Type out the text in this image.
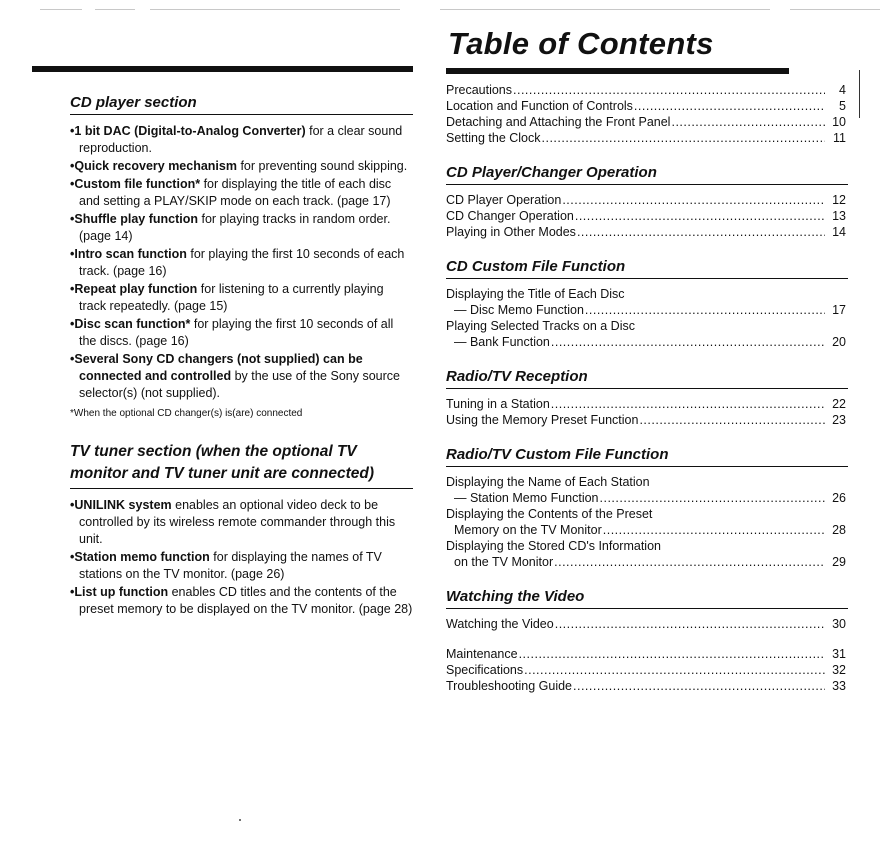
CD player section
•1 bit DAC (Digital-to-Analog Converter) for a clear sound reproduction.
•Quick recovery mechanism for preventing sound skipping.
•Custom file function* for displaying the title of each disc and setting a PLAY/SKIP mode on each track. (page 17)
•Shuffle play function for playing tracks in random order. (page 14)
•Intro scan function for playing the first 10 seconds of each track. (page 16)
•Repeat play function for listening to a currently playing track repeatedly. (page 15)
•Disc scan function* for playing the first 10 seconds of all the discs. (page 16)
•Several Sony CD changers (not supplied) can be connected and controlled by the use of the Sony source selector(s) (not supplied).
*When the optional CD changer(s) is(are) connected
TV tuner section (when the optional TV monitor and TV tuner unit are connected)
•UNILINK system enables an optional video deck to be controlled by its wireless remote commander through this unit.
•Station memo function for displaying the names of TV stations on the TV monitor. (page 26)
•List up function enables CD titles and the contents of the preset memory to be displayed on the TV monitor. (page 28)
Table of Contents
Precautions .....	4
Location and Function of Controls .....	5
Detaching and Attaching the Front Panel .....	10
Setting the Clock .....	11
CD Player/Changer Operation
CD Player Operation .....	12
CD Changer Operation .....	13
Playing in Other Modes .....	14
CD Custom File Function
Displaying the Title of Each Disc
— Disc Memo Function .....	17
Playing Selected Tracks on a Disc
— Bank Function .....	20
Radio/TV Reception
Tuning in a Station .....	22
Using the Memory Preset Function .....	23
Radio/TV Custom File Function
Displaying the Name of Each Station
— Station Memo Function .....	26
Displaying the Contents of the Preset
Memory on the TV Monitor .....	28
Displaying the Stored CD's Information
on the TV Monitor .....	29
Watching the Video
Watching the Video .....	30
Maintenance .....	31
Specifications .....	32
Troubleshooting Guide .....	33
